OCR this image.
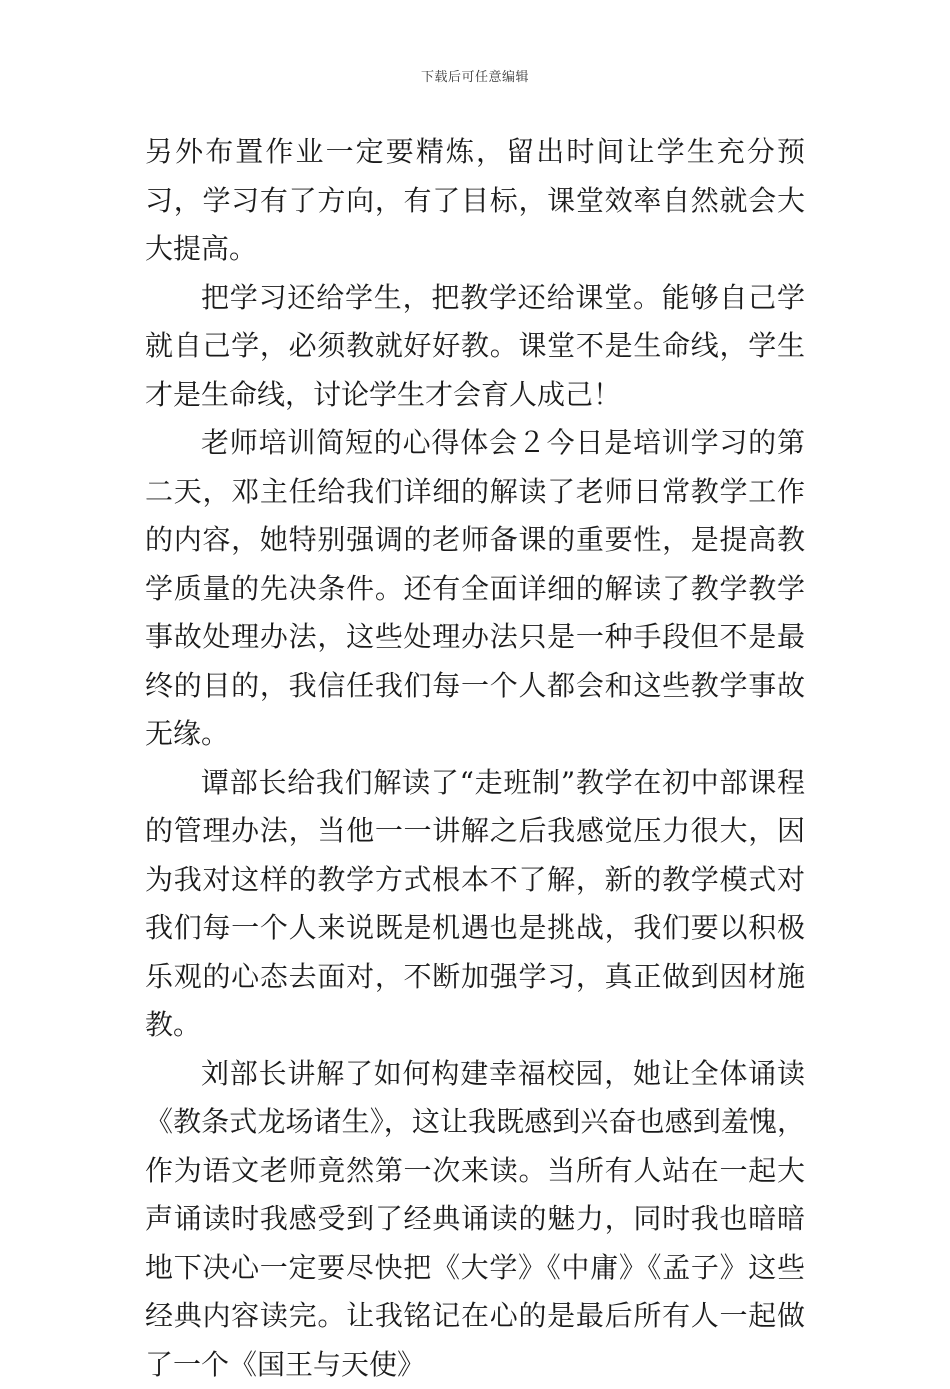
下载后可任意编辑

另外布置作业一定要精炼，留出时间让学生充分预习，学习有了方向，有了目标，课堂效率自然就会大大提高。

把学习还给学生，把教学还给课堂。能够自己学就自己学，必须教就好好教。课堂不是生命线，学生才是生命线，讨论学生才会育人成己！

老师培训简短的心得体会２今日是培训学习的第二天，邓主任给我们详细的解读了老师日常教学工作的内容，她特别强调的老师备课的重要性，是提高教学质量的先决条件。还有全面详细的解读了教学教学事故处理办法，这些处理办法只是一种手段但不是最终的目的，我信任我们每一个人都会和这些教学事故无缘。

谭部长给我们解读了“走班制”教学在初中部课程的管理办法，当他一一讲解之后我感觉压力很大，因为我对这样的教学方式根本不了解，新的教学模式对我们每一个人来说既是机遇也是挑战，我们要以积极乐观的心态去面对，不断加强学习，真正做到因材施教。

刘部长讲解了如何构建幸福校园，她让全体诵读《教条式龙场诸生》，这让我既感到兴奋也感到羞愧，作为语文老师竟然第一次来读。当所有人站在一起大声诵读时我感受到了经典诵读的魅力，同时我也暗暗地下决心一定要尽快把《大学》《中庸》《孟子》这些经典内容读完。让我铭记在心的是最后所有人一起做了一个《国王与天使》
